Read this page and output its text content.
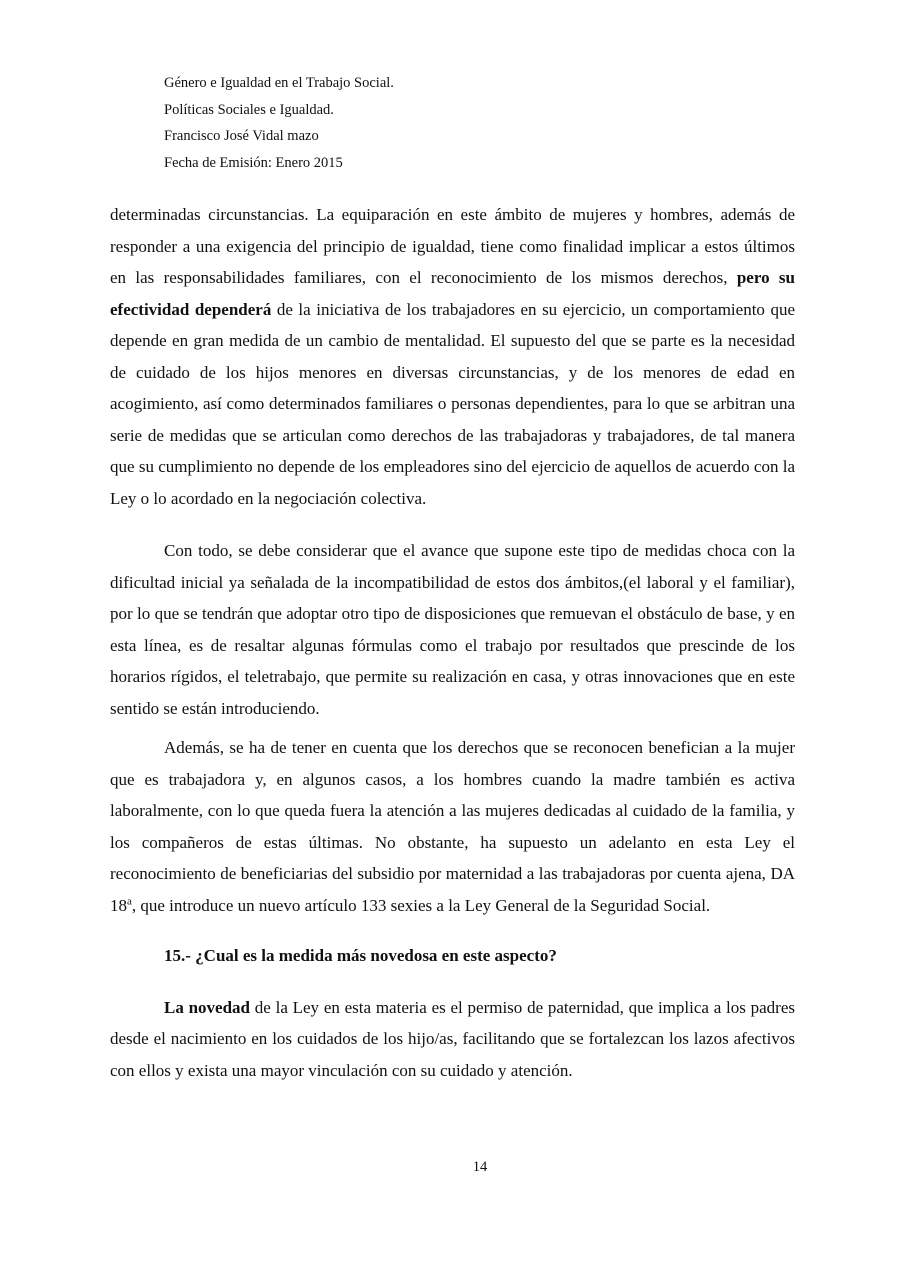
Género e Igualdad en el Trabajo Social.
Políticas Sociales e Igualdad.
Francisco José Vidal mazo
Fecha de Emisión: Enero 2015

determinadas circunstancias. La equiparación en este ámbito de mujeres y hombres, además de responder a una exigencia del principio de igualdad, tiene como finalidad implicar a estos últimos en las responsabilidades familiares, con el reconocimiento de los mismos derechos, pero su efectividad dependerá de la iniciativa de los trabajadores en su ejercicio, un comportamiento que depende en gran medida de un cambio de mentalidad. El supuesto del que se parte es la necesidad de cuidado de los hijos menores en diversas circunstancias, y de los menores de edad en acogimiento, así como determinados familiares o personas dependientes, para lo que se arbitran una serie de medidas que se articulan como derechos de las trabajadoras y trabajadores, de tal manera que su cumplimiento no depende de los empleadores sino del ejercicio de aquellos de acuerdo con la Ley o lo acordado en la negociación colectiva.

Con todo, se debe considerar que el avance que supone este tipo de medidas choca con la dificultad inicial ya señalada de la incompatibilidad de estos dos ámbitos,(el laboral y el familiar), por lo que se tendrán que adoptar otro tipo de disposiciones que remuevan el obstáculo de base, y en esta línea, es de resaltar algunas fórmulas como el trabajo por resultados que prescinde de los horarios rígidos, el teletrabajo, que permite su realización en casa, y otras innovaciones que en este sentido se están introduciendo.

Además, se ha de tener en cuenta que los derechos que se reconocen benefician a la mujer que es trabajadora y, en algunos casos, a los hombres cuando la madre también es activa laboralmente, con lo que queda fuera la atención a las mujeres dedicadas al cuidado de la familia, y los compañeros de estas últimas. No obstante, ha supuesto un adelanto en esta Ley el reconocimiento de beneficiarias del subsidio por maternidad a las trabajadoras por cuenta ajena, DA 18$^a$, que introduce un nuevo artículo 133 sexies a la Ley General de la Seguridad Social.

15.- ¿Cual es la medida más novedosa en este aspecto?

La novedad de la Ley en esta materia es el permiso de paternidad, que implica a los padres desde el nacimiento en los cuidados de los hijo/as, facilitando que se fortalezcan los lazos afectivos con ellos y exista una mayor vinculación con su cuidado y atención.

14
